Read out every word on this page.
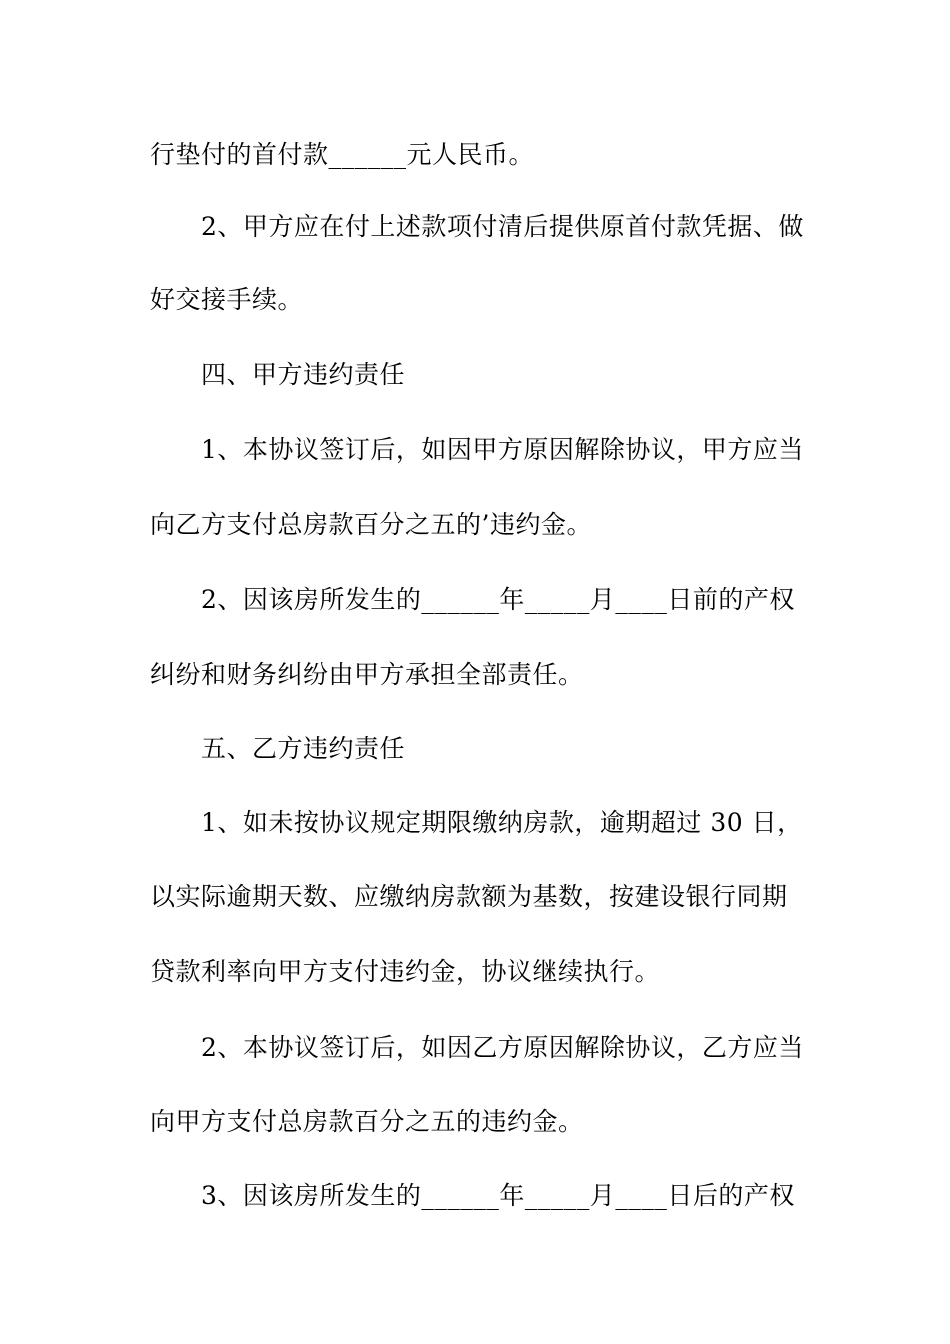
行垫付的首付款______元人民币。
2、甲方应在付上述款项付清后提供原首付款凭据、做
好交接手续。
四、甲方违约责任
1、本协议签订后，如因甲方原因解除协议，甲方应当
向乙方支付总房款百分之五的’违约金。
2、因该房所发生的______年_____月____日前的产权
纠纷和财务纠纷由甲方承担全部责任。
五、乙方违约责任
1、如未按协议规定期限缴纳房款，逾期超过 30 日，
以实际逾期天数、应缴纳房款额为基数，按建设银行同期
贷款利率向甲方支付违约金，协议继续执行。
2、本协议签订后，如因乙方原因解除协议，乙方应当
向甲方支付总房款百分之五的违约金。
3、因该房所发生的______年_____月____日后的产权
